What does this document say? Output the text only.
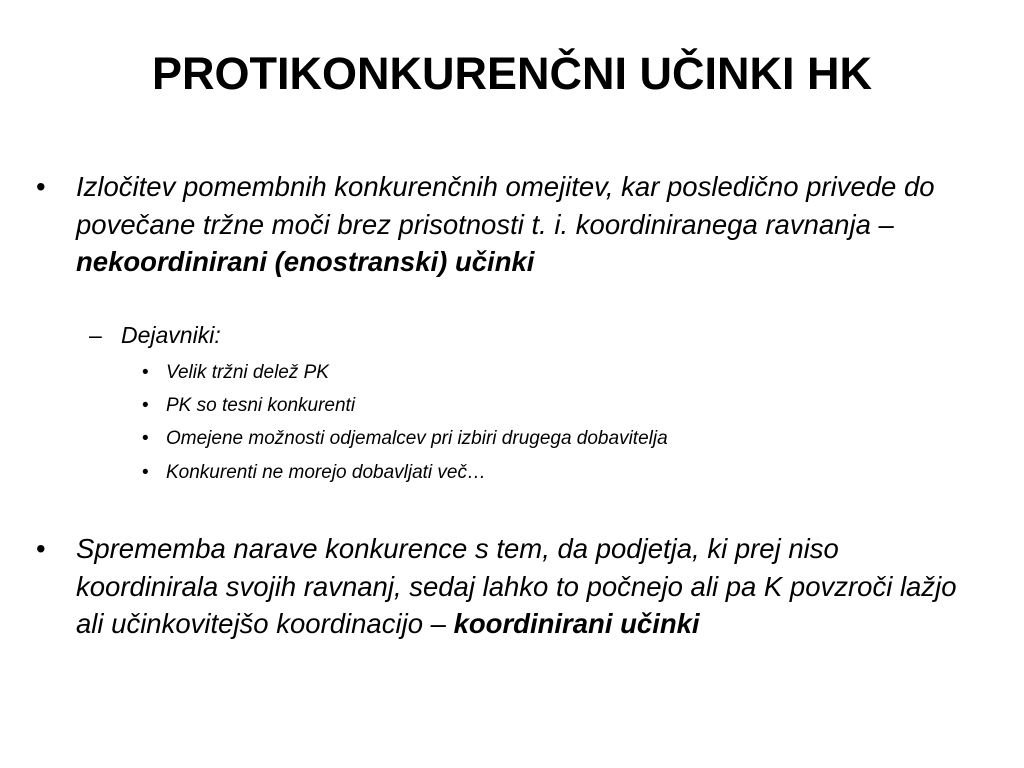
PROTIKONKURENČNI UČINKI HK
• Izločitev pomembnih konkurenčnih omejitev, kar posledično privede do povečane tržne moči brez prisotnosti t. i. koordiniranega ravnanja – nekoordinirani (enostranski) učinki
– Dejavniki:
• Velik tržni delež PK
• PK so tesni konkurenti
• Omejene možnosti odjemalcev pri izbiri drugega dobavitelja
• Konkurenti ne morejo dobavljati več…
• Sprememba narave konkurence s tem, da podjetja, ki prej niso koordinirala svojih ravnanj, sedaj lahko to počnejo ali pa K povzroči lažjo ali učinkovitejšo koordinacijo – koordinirani učinki
